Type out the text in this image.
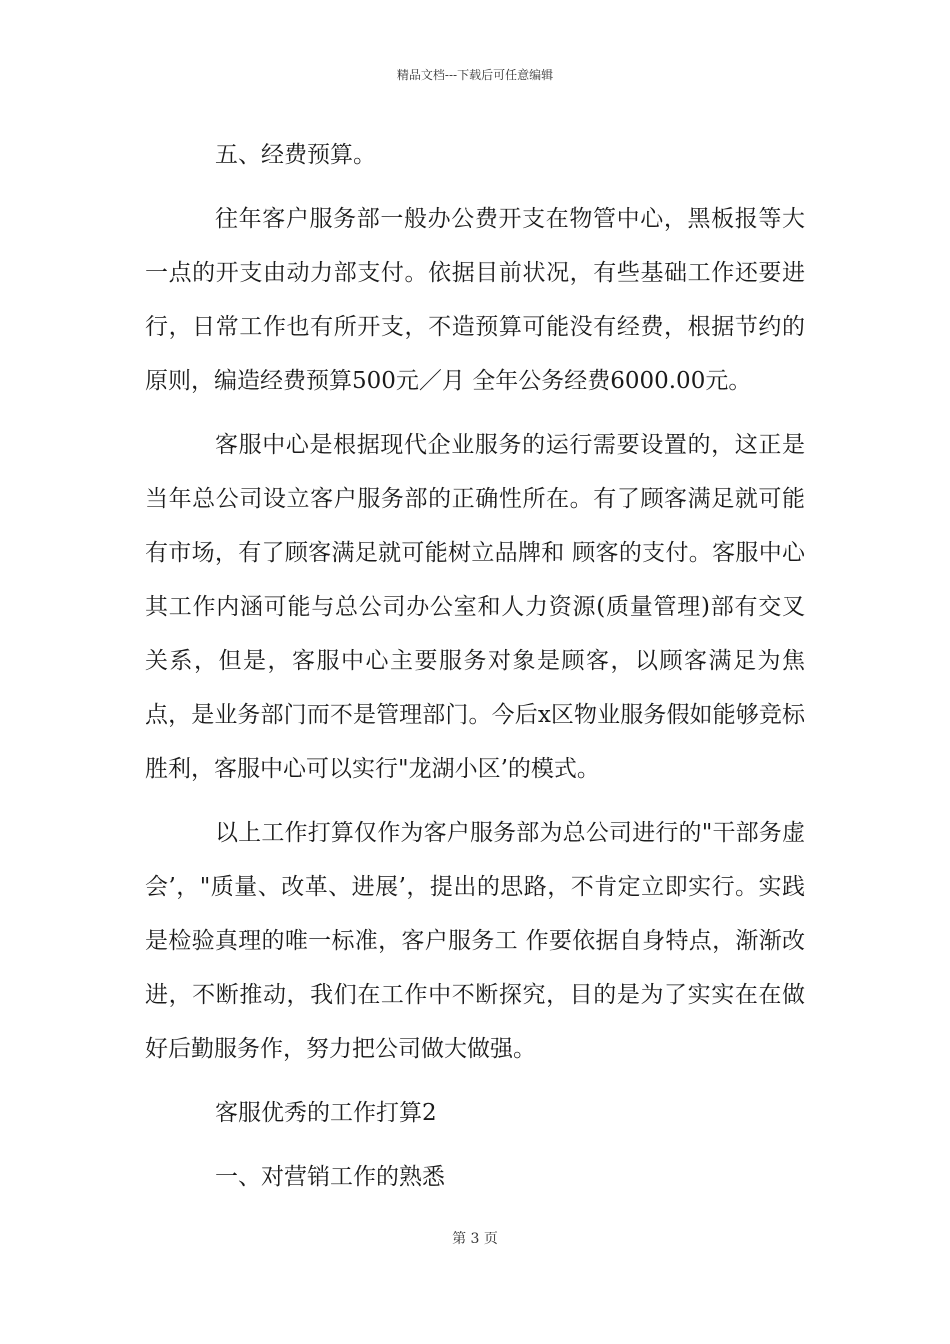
精品文档---下载后可任意编辑

五、经费预算。

往年客户服务部一般办公费开支在物管中心，黑板报等大一点的开支由动力部支付。依据目前状况，有些基础工作还要进行，日常工作也有所开支，不造预算可能没有经费，根据节约的原则，编造经费预算500元／月 全年公务经费6000.00元。

客服中心是根据现代企业服务的运行需要设置的，这正是当年总公司设立客户服务部的正确性所在。有了顾客满足就可能有市场，有了顾客满足就可能树立品牌和 顾客的支付。客服中心其工作内涵可能与总公司办公室和人力资源(质量管理)部有交叉关系，但是，客服中心主要服务对象是顾客，以顾客满足为焦点，是业务部门而不是管理部门。今后x区物业服务假如能够竞标胜利，客服中心可以实行"龙湖小区’的模式。

以上工作打算仅作为客户服务部为总公司进行的"干部务虚会’，"质量、改革、进展’，提出的思路，不肯定立即实行。实践是检验真理的唯一标准，客户服务工 作要依据自身特点，渐渐改进，不断推动，我们在工作中不断探究，目的是为了实实在在做好后勤服务作，努力把公司做大做强。

客服优秀的工作打算2

一、对营销工作的熟悉

第 3 页
